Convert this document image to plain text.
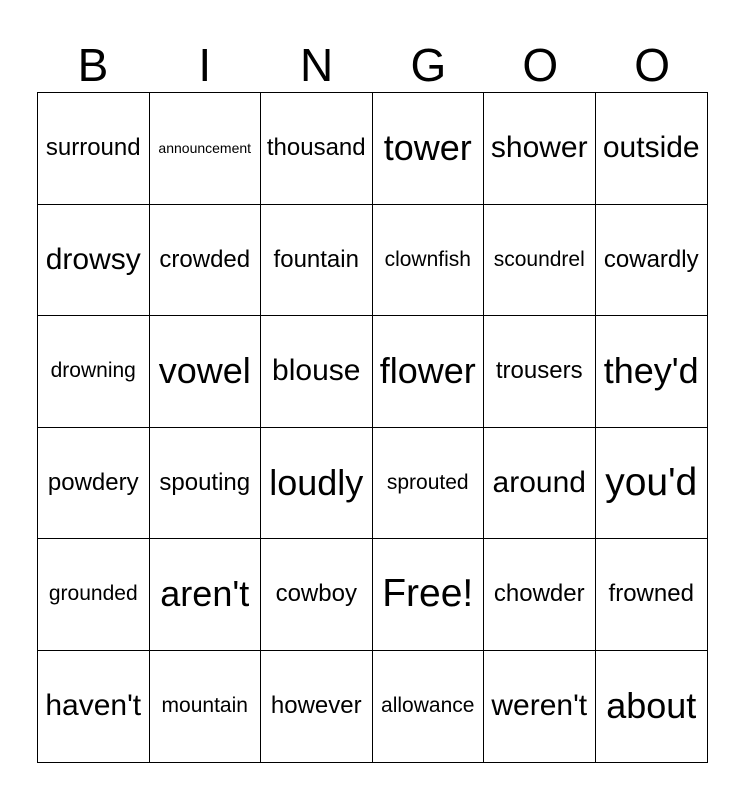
B	I	N	G	O	O
surround	announcement thousand tower shower outside
drowsy crowded fountain	clownfish	scoundrel cowardly
drowning vowel blouse flower trousers they'd
powdery spouting loudly	sprouted around you'd
grounded aren't	cowboy Free! chowder frowned
haven't mountain however allowance weren't about
